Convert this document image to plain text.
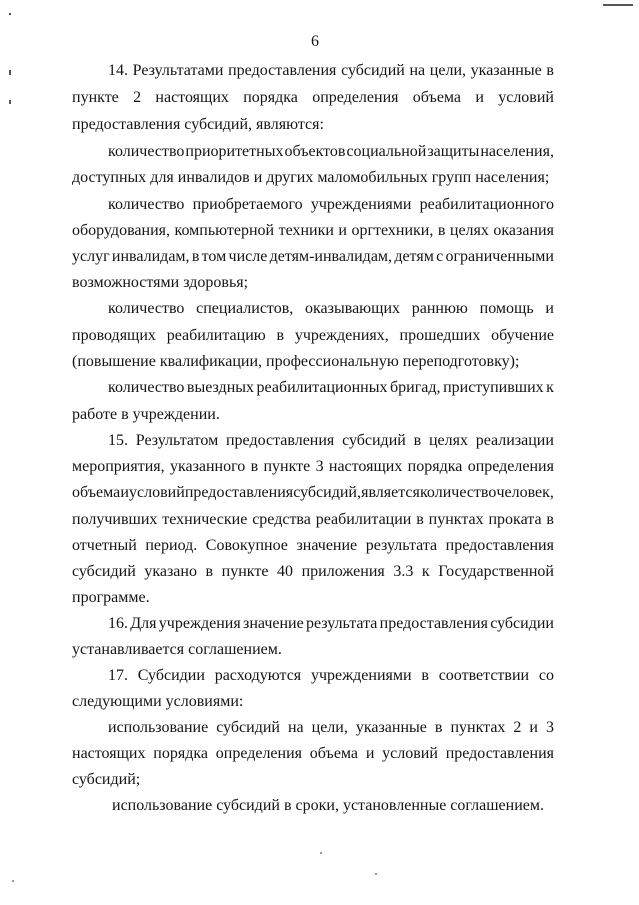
6
14. Результатами предоставления субсидий на цели, указанные в
пункте 2 настоящих порядка определения объема и условий
предоставления субсидий, являются:
количество приоритетных объектов социальной защиты населения,
доступных для инвалидов и других маломобильных групп населения;
количество приобретаемого учреждениями реабилитационного
оборудования, компьютерной техники и оргтехники, в целях оказания
услуг инвалидам, в том числе детям-инвалидам, детям с ограниченными
возможностями здоровья;
количество специалистов, оказывающих раннюю помощь и
проводящих реабилитацию в учреждениях, прошедших обучение
(повышение квалификации, профессиональную переподготовку);
количество выездных реабилитационных бригад, приступивших к
работе в учреждении.
15. Результатом предоставления субсидий в целях реализации
мероприятия, указанного в пункте 3 настоящих порядка определения
объема и условий предоставления субсидий, является количество человек,
получивших технические средства реабилитации в пунктах проката в
отчетный период. Совокупное значение результата предоставления
субсидий указано в пункте 40 приложения 3.3 к Государственной
программе.
16. Для учреждения значение результата предоставления субсидии
устанавливается соглашением.
17. Субсидии расходуются учреждениями в соответствии со
следующими условиями:
использование субсидий на цели, указанные в пунктах 2 и 3
настоящих порядка определения объема и условий предоставления
субсидий;
использование субсидий в сроки, установленные соглашением.
